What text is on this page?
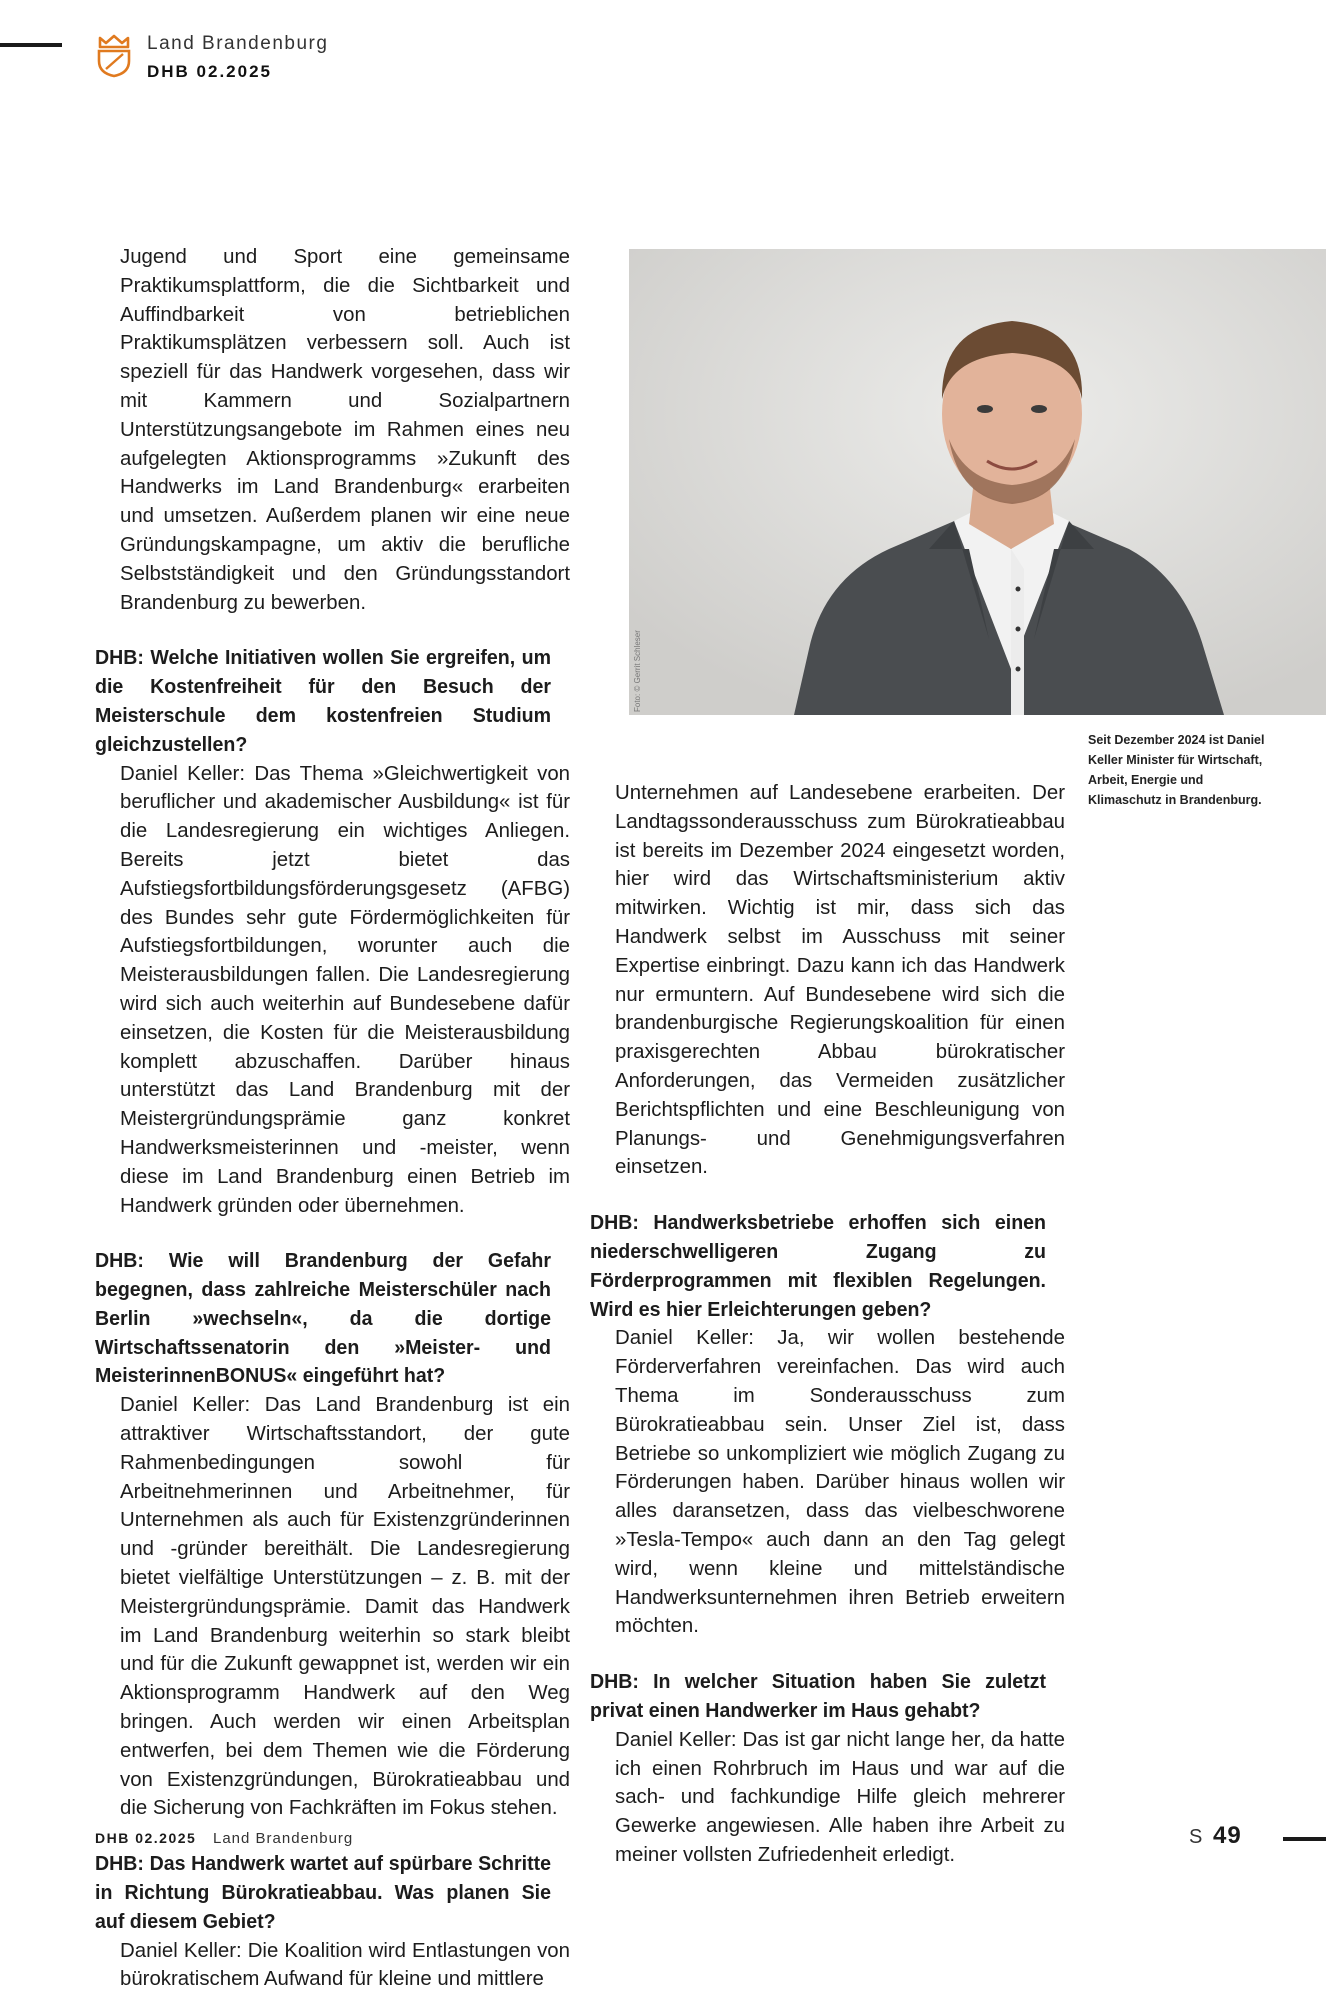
Land Brandenburg
DHB 02.2025

Jugend und Sport eine gemeinsame Praktikumsplattform, die die Sichtbarkeit und Auffindbarkeit von betrieblichen Praktikumsplätzen verbessern soll. Auch ist speziell für das Handwerk vorgesehen, dass wir mit Kammern und Sozialpartnern Unterstützungsangebote im Rahmen eines neu aufgelegten Aktionsprogramms »Zukunft des Handwerks im Land Brandenburg« erarbeiten und umsetzen. Außerdem planen wir eine neue Gründungskampagne, um aktiv die berufliche Selbstständigkeit und den Gründungsstandort Brandenburg zu bewerben.

DHB: Welche Initiativen wollen Sie ergreifen, um die Kostenfreiheit für den Besuch der Meisterschule dem kostenfreien Studium gleichzustellen?

Daniel Keller: Das Thema »Gleichwertigkeit von beruflicher und akademischer Ausbildung« ist für die Landesregierung ein wichtiges Anliegen. Bereits jetzt bietet das Aufstiegsfortbildungsförderungsgesetz (AFBG) des Bundes sehr gute Fördermöglichkeiten für Aufstiegsfortbildungen, worunter auch die Meisterausbildungen fallen. Die Landesregierung wird sich auch weiterhin auf Bundesebene dafür einsetzen, die Kosten für die Meisterausbildung komplett abzuschaffen. Darüber hinaus unterstützt das Land Brandenburg mit der Meistergründungsprämie ganz konkret Handwerksmeisterinnen und -meister, wenn diese im Land Brandenburg einen Betrieb im Handwerk gründen oder übernehmen.

DHB: Wie will Brandenburg der Gefahr begegnen, dass zahlreiche Meisterschüler nach Berlin »wechseln«, da die dortige Wirtschaftssenatorin den »Meister- und MeisterinnenBONUS« eingeführt hat?

Daniel Keller: Das Land Brandenburg ist ein attraktiver Wirtschaftsstandort, der gute Rahmenbedingungen sowohl für Arbeitnehmerinnen und Arbeitnehmer, für Unternehmen als auch für Existenzgründerinnen und -gründer bereithält. Die Landesregierung bietet vielfältige Unterstützungen – z. B. mit der Meistergründungsprämie. Damit das Handwerk im Land Brandenburg weiterhin so stark bleibt und für die Zukunft gewappnet ist, werden wir ein Aktionsprogramm Handwerk auf den Weg bringen. Auch werden wir einen Arbeitsplan entwerfen, bei dem Themen wie die Förderung von Existenzgründungen, Bürokratieabbau und die Sicherung von Fachkräften im Fokus stehen.

DHB: Das Handwerk wartet auf spürbare Schritte in Richtung Bürokratieabbau. Was planen Sie auf diesem Gebiet?

Daniel Keller: Die Koalition wird Entlastungen von bürokratischem Aufwand für kleine und mittlere

Foto: © Gerrit Schleser
Seit Dezember 2024 ist Daniel Keller Minister für Wirtschaft, Arbeit, Energie und Klimaschutz in Brandenburg.

Unternehmen auf Landesebene erarbeiten. Der Landtagssonderausschuss zum Bürokratieabbau ist bereits im Dezember 2024 eingesetzt worden, hier wird das Wirtschaftsministerium aktiv mitwirken. Wichtig ist mir, dass sich das Handwerk selbst im Ausschuss mit seiner Expertise einbringt. Dazu kann ich das Handwerk nur ermuntern. Auf Bundesebene wird sich die brandenburgische Regierungskoalition für einen praxisgerechten Abbau bürokratischer Anforderungen, das Vermeiden zusätzlicher Berichtspflichten und eine Beschleunigung von Planungs- und Genehmigungsverfahren einsetzen.

DHB: Handwerksbetriebe erhoffen sich einen niederschwelligeren Zugang zu Förderprogrammen mit flexiblen Regelungen. Wird es hier Erleichterungen geben?

Daniel Keller: Ja, wir wollen bestehende Förderverfahren vereinfachen. Das wird auch Thema im Sonderausschuss zum Bürokratieabbau sein. Unser Ziel ist, dass Betriebe so unkompliziert wie möglich Zugang zu Förderungen haben. Darüber hinaus wollen wir alles daransetzen, dass das vielbeschworene »Tesla-Tempo« auch dann an den Tag gelegt wird, wenn kleine und mittelständische Handwerksunternehmen ihren Betrieb erweitern möchten.

DHB: In welcher Situation haben Sie zuletzt privat einen Handwerker im Haus gehabt?

Daniel Keller: Das ist gar nicht lange her, da hatte ich einen Rohrbruch im Haus und war auf die sach- und fachkundige Hilfe gleich mehrerer Gewerke angewiesen. Alle haben ihre Arbeit zu meiner vollsten Zufriedenheit erledigt.

DHB 02.2025 Land Brandenburg	S 49
